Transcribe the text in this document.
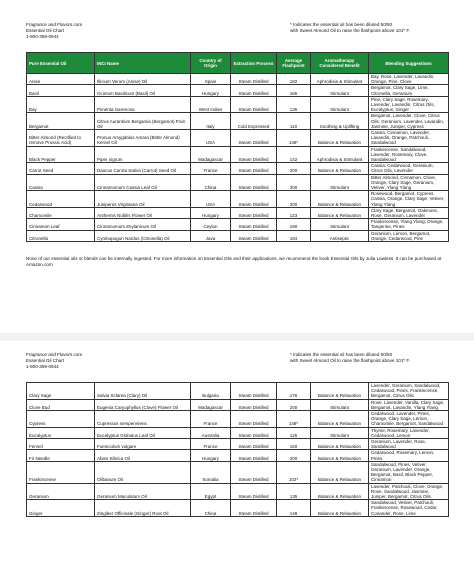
Fragrance and Flavors.com
Essential Oil Chart
1-800-359-0944
* Indicates the essential oil has been diluted 50/50
with Sweet Almond Oil to raise the flashpoint above 101º F.
Pure Essential Oil	INCI Name	Country of Origin	Extraction Process	Average Flashpoint	Aromatherapy Considered Benefit	Blending Suggestions
Anise	Illicium Verum (Anise) Oil	Spain	Steam Distilled	182	Aphrodisia & Stimulant	Bay, Rose, Lavender, Lavandin, Orange, Pine, Clove
Basil	Ocimum Basilicum (Basil) Oil	Hungary	Steam Distilled	165	Stimulant	Bergamot, Clary Sage, Lime, Citronella, Geranium
Bay	Pimenta racemosa	West Indies	Steam Distilled	135	Stimulant	Pine, Clary Sage, Rosemary, Lavender, Lavandin, Citrus Oils, Eucalyptus, Ginger
Bergamot	Citrus Aurantium Bergamia (Bergamot) Fruit Oil	Italy	Cold Expressed	110	Soothing & Uplifting	Bergamot, Lavender, Clove, Citrus Oils, Geranium, Lavender, Lavandin, Jasmine, Juniper, Cypress
Bitter Almond (Rectified to remove Prussic Acid)	Prunus Amygdalus Amara (Bitter Almond) Kernel Oil	USA	Steam Distilled	148*	Balance & Relaxation	Cassia, Cinnamon, Lavender, Lavandin, Orange, Patchouli, Sandalwood
Black Pepper	Piper nigrum	Madagascar	Steam Distilled	142	Aphrodisia & Stimulant	Frankincense, Sandalwood, Lavender, Rosemary, Clove, Sandalwood
Carrot Seed	Daucus Carota Sativa (Carrot) Seed Oil	France	Steam Distilled	200	Balance & Relaxation	Cassia, Cedarwood, Geranium, Citrus Oils, Lavender
Cassia	Cinnamomum Cassia Leaf Oil	China	Steam Distilled	200	Stimulant	Bitter Almond, Cinnamon, Clove, Orange, Clary Sage, Geranium, Vetiver, Ylang Ylang
Cedarwood	Juniperus Virginiana Oil	USA	Steam Distilled	200	Balance & Relaxation	Rosewood, Bergamot, Cypress, Cassia, Orange, Clary Sage, Vetiver, Ylang Ylang
Chamomile	Anthemis Nobilis Flower Oil	Hungary	Steam Distilled	123	Balance & Relaxation	Clary Sage, Bergamot, Oakmoss, Rose, Geranium, Lavender
Cinnamon Leaf	Cinnamomum Zeylanicum Oil	Ceylon	Steam Distilled	190	Stimulant	Frankincense, Ylang Ylang, Orange, Tangerine, Pines
Citronella	Cymbopogon Nardus (Citronella) Oil	Java	Steam Distilled	184	Antiseptic	Geranium, Lemon, Bergamot, Orange, Cedarwood, Pine
None of our essential oils or blends can be internally ingested. For more information on Essential Oils and their applications, we recommend the book Essential Oils by Julia Lawless. It can be purchased at Amazon.com
Fragrance and Flavors.com
Essential Oil Chart
1-800-359-0944
* Indicates the essential oil has been diluted 50/50
with Sweet Almond Oil to raise the flashpoint above 101º F.
Clary Sage	Salvia Sclarea (Clary) Oil	Bulgaria	Steam Distilled	176	Balance & Relaxation	Lavender, Geranium, Sandalwood, Cedarwood, Pines, Frankincense, Bergamot, Citrus Oils
Clove Bud	Eugenia Caryophyllus (Clove) Flower Oil	Madagascar	Steam Distilled	200	Stimulant	Rose, Lavender, Vanilla, Clary Sage, Bergamot, Lavandin, Ylang Ylang
Cypress	Cupressus sempervirens	France	Steam Distilled	148*	Balance & Relaxation	Cedarwood, Lavender, Pines, Orange, Clary Sage, Lemon, Chamomile, Bergamot, Sandalwood
Eucalyptus	Eucalyptus Globulus Leaf Oil	Australia	Steam Distilled	125	Stimulant	Thyme, Rosemary, Lavender, Cedarwood, Lemon
Fennel	Foeniculum vulgare	France	Steam Distilled	150	Balance & Relaxation	Geranium, Lavender, Rose, Sandalwood
Fir Needle	Abies Sibrica Oil	Hungary	Steam Distilled	200	Balance & Relaxation	Cedarwood, Rosemary, Lemon, Pines
Frankincense	Olibanum Oil	Somalia	Steam Distilled	102*	Balance & Relaxation	Sandalwood, Pines, Vetiver, Geranium, Lavender, Orange, Bergamot, Basil, Black Pepper, Cinnamon
Geranium	Geranium Maculatum Oil	Egypt	Steam Distilled	135	Balance & Relaxation	Lavender, Patchouli, Clove, Orange, Rose, Sandalwood, Jasmine, Juniper, Bergamot, Citrus Oils
Ginger	Zingiber Officinale (Ginger) Root Oil	China	Steam Distilled	148	Balance & Relaxation	Sandalwood, Vetiver, Patchouli, Frankincense, Rosewood, Cedar, Coriander, Rose, Lime
